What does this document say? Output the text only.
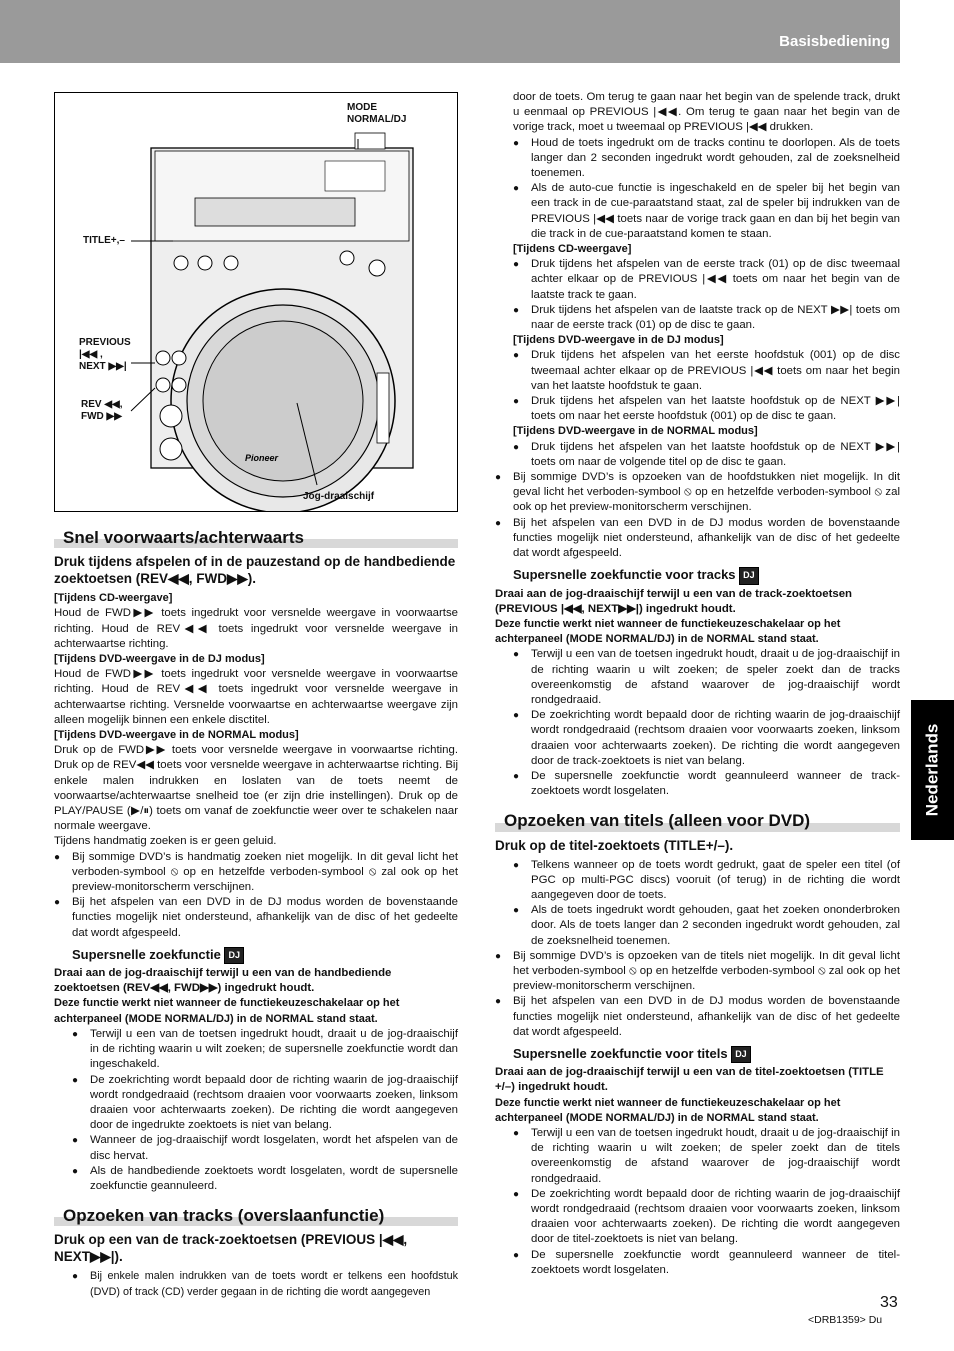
Basisbediening
Nederlands
Pioneer
MODE
NORMAL/DJ
TITLE+,–
PREVIOUS
|◀◀ ,
NEXT ▶▶|
REV ◀◀,
FWD ▶▶
Jog-draaischijf
Snel voorwaarts/achterwaarts
Druk tijdens afspelen of in de pauzestand op de handbediende zoektoetsen (REV◀◀, FWD▶▶).

[Tijdens CD-weergave]

Houd de FWD▶▶ toets ingedrukt voor versnelde weergave in voorwaartse richting. Houd de REV◀◀ toets ingedrukt voor versnelde weergave in achterwaartse richting.

[Tijdens DVD-weergave in de DJ modus]

Houd de FWD▶▶ toets ingedrukt voor versnelde weergave in voorwaartse richting. Houd de REV◀◀ toets ingedrukt voor versnelde weergave in achterwaartse richting. Versnelde voorwaartse en achterwaartse weergave zijn alleen mogelijk binnen een enkele disctitel.

[Tijdens DVD-weergave in de NORMAL modus]

Druk op de FWD▶▶ toets voor versnelde weergave in voorwaartse richting. Druk op de REV◀◀ toets voor versnelde weergave in achterwaartse richting. Bij enkele malen indrukken en loslaten van de toets neemt de voorwaartse/achterwaartse snelheid toe (er zijn drie instellingen). Druk op de PLAY/PAUSE (▶/⏸) toets om vanaf de zoekfunctie weer over te schakelen naar normale weergave.

Tijdens handmatig zoeken is er geen geluid.

● Bij sommige DVD’s is handmatig zoeken niet mogelijk. In dit geval licht het verboden-symbool ⦸ op en hetzelfde verboden-symbool ⦸ zal ook op het preview-monitorscherm verschijnen.

● Bij het afspelen van een DVD in de DJ modus worden de bovenstaande functies mogelijk niet ondersteund, afhankelijk van de disc of het gedeelte dat wordt afgespeeld.

Supersnelle zoekfunctie DJ

Draai aan de jog-draaischijf terwijl u een van de handbediende zoektoetsen (REV◀◀, FWD▶▶) ingedrukt houdt.

Deze functie werkt niet wanneer de functiekeuzeschakelaar op het achterpaneel (MODE NORMAL/DJ) in de NORMAL stand staat.

● Terwijl u een van de toetsen ingedrukt houdt, draait u de jog-draaischijf in de richting waarin u wilt zoeken; de supersnelle zoekfunctie wordt dan ingeschakeld.

● De zoekrichting wordt bepaald door de richting waarin de jog-draaischijf wordt rondgedraaid (rechtsom draaien voor voorwaarts zoeken, linksom draaien voor achterwaarts zoeken). De richting die wordt aangegeven door de ingedrukte zoektoets is niet van belang.

● Wanneer de jog-draaischijf wordt losgelaten, wordt het afspelen van de disc hervat.

● Als de handbediende zoektoets wordt losgelaten, wordt de supersnelle zoekfunctie geannuleerd.

Opzoeken van tracks (overslaanfunctie)
Druk op een van de track-zoektoetsen (PREVIOUS |◀◀, NEXT▶▶|).

● Bij enkele malen indrukken van de toets wordt er telkens een hoofdstuk (DVD) of track (CD) verder gegaan in de richting die wordt aangegeven

door de toets. Om terug te gaan naar het begin van de spelende track, drukt u eenmaal op PREVIOUS |◀◀. Om terug te gaan naar het begin van de vorige track, moet u tweemaal op PREVIOUS |◀◀ drukken.

● Houd de toets ingedrukt om de tracks continu te doorlopen. Als de toets langer dan 2 seconden ingedrukt wordt gehouden, zal de zoeksnelheid toenemen.

● Als de auto-cue functie is ingeschakeld en de speler bij het begin van een track in de cue-paraatstand staat, zal de speler bij indrukken van de PREVIOUS |◀◀ toets naar de vorige track gaan en dan bij het begin van die track in de cue-paraatstand komen te staan.

[Tijdens CD-weergave]

● Druk tijdens het afspelen van de eerste track (01) op de disc tweemaal achter elkaar op de PREVIOUS |◀◀ toets om naar het begin van de laatste track te gaan.

● Druk tijdens het afspelen van de laatste track op de NEXT ▶▶| toets om naar de eerste track (01) op de disc te gaan.

[Tijdens DVD-weergave in de DJ modus]

● Druk tijdens het afspelen van het eerste hoofdstuk (001) op de disc tweemaal achter elkaar op de PREVIOUS |◀◀ toets om naar het begin van het laatste hoofdstuk te gaan.

● Druk tijdens het afspelen van het laatste hoofdstuk op de NEXT ▶▶| toets om naar het eerste hoofdstuk (001) op de disc te gaan.

[Tijdens DVD-weergave in de NORMAL modus]

● Druk tijdens het afspelen van het laatste hoofdstuk op de NEXT ▶▶| toets om naar de volgende titel op de disc te gaan.

● Bij sommige DVD’s is opzoeken van de hoofdstukken niet mogelijk. In dit geval licht het verboden-symbool ⦸ op en hetzelfde verboden-symbool ⦸ zal ook op het preview-monitorscherm verschijnen.

● Bij het afspelen van een DVD in de DJ modus worden de bovenstaande functies mogelijk niet ondersteund, afhankelijk van de disc of het gedeelte dat wordt afgespeeld.

Supersnelle zoekfunctie voor tracks DJ

Draai aan de jog-draaischijf terwijl u een van de track-zoektoetsen (PREVIOUS |◀◀, NEXT▶▶|) ingedrukt houdt.

Deze functie werkt niet wanneer de functiekeuzeschakelaar op het achterpaneel (MODE NORMAL/DJ) in de NORMAL stand staat.

● Terwijl u een van de toetsen ingedrukt houdt, draait u de jog-draaischijf in de richting waarin u wilt zoeken; de speler zoekt dan de tracks overeenkomstig de afstand waarover de jog-draaischijf wordt rondgedraaid.

● De zoekrichting wordt bepaald door de richting waarin de jog-draaischijf wordt rondgedraaid (rechtsom draaien voor voorwaarts zoeken, linksom draaien voor achterwaarts zoeken). De richting die wordt aangegeven door de track-zoektoets is niet van belang.

● De supersnelle zoekfunctie wordt geannuleerd wanneer de track-zoektoets wordt losgelaten.

Opzoeken van titels (alleen voor DVD)
Druk op de titel-zoektoets (TITLE+/–).

● Telkens wanneer op de toets wordt gedrukt, gaat de speler een titel (of PGC op multi-PGC discs) vooruit (of terug) in de richting die wordt aangegeven door de toets.

● Als de toets ingedrukt wordt gehouden, gaat het zoeken ononderbroken door. Als de toets langer dan 2 seconden ingedrukt wordt gehouden, zal de zoeksnelheid toenemen.

● Bij sommige DVD’s is opzoeken van de titels niet mogelijk. In dit geval licht het verboden-symbool ⦸ op en hetzelfde verboden-symbool ⦸ zal ook op het preview-monitorscherm verschijnen.

● Bij het afspelen van een DVD in de DJ modus worden de bovenstaande functies mogelijk niet ondersteund, afhankelijk van de disc of het gedeelte dat wordt afgespeeld.

Supersnelle zoekfunctie voor titels DJ

Draai aan de jog-draaischijf terwijl u een van de titel-zoektoetsen (TITLE +/–) ingedrukt houdt.

Deze functie werkt niet wanneer de functiekeuzeschakelaar op het achterpaneel (MODE NORMAL/DJ) in de NORMAL stand staat.

● Terwijl u een van de toetsen ingedrukt houdt, draait u de jog-draaischijf in de richting waarin u wilt zoeken; de speler zoekt dan de titels overeenkomstig de afstand waarover de jog-draaischijf wordt rondgedraaid.

● De zoekrichting wordt bepaald door de richting waarin de jog-draaischijf wordt rondgedraaid (rechtsom draaien voor voorwaarts zoeken, linksom draaien voor achterwaarts zoeken). De richting die wordt aangegeven door de titel-zoektoets is niet van belang.

● De supersnelle zoekfunctie wordt geannuleerd wanneer de titel-zoektoets wordt losgelaten.

33
<DRB1359> Du
